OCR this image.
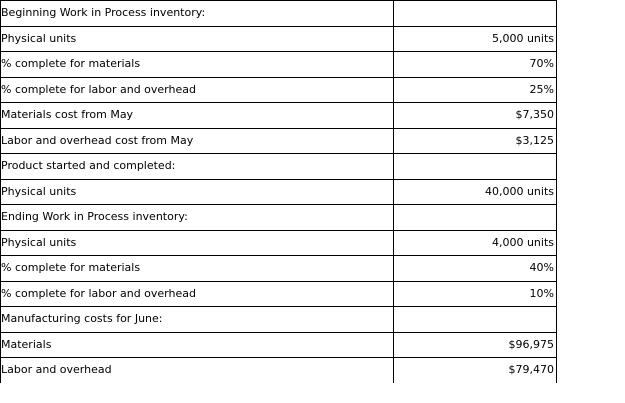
Beginning Work in Process inventory:	
Physical units	5,000 units
% complete for materials	70%
% complete for labor and overhead	25%
Materials cost from May	$7,350
Labor and overhead cost from May	$3,125
Product started and completed:	
Physical units	40,000 units
Ending Work in Process inventory:	
Physical units	4,000 units
% complete for materials	40%
% complete for labor and overhead	10%
Manufacturing costs for June:	
Materials	$96,975
Labor and overhead	$79,470
